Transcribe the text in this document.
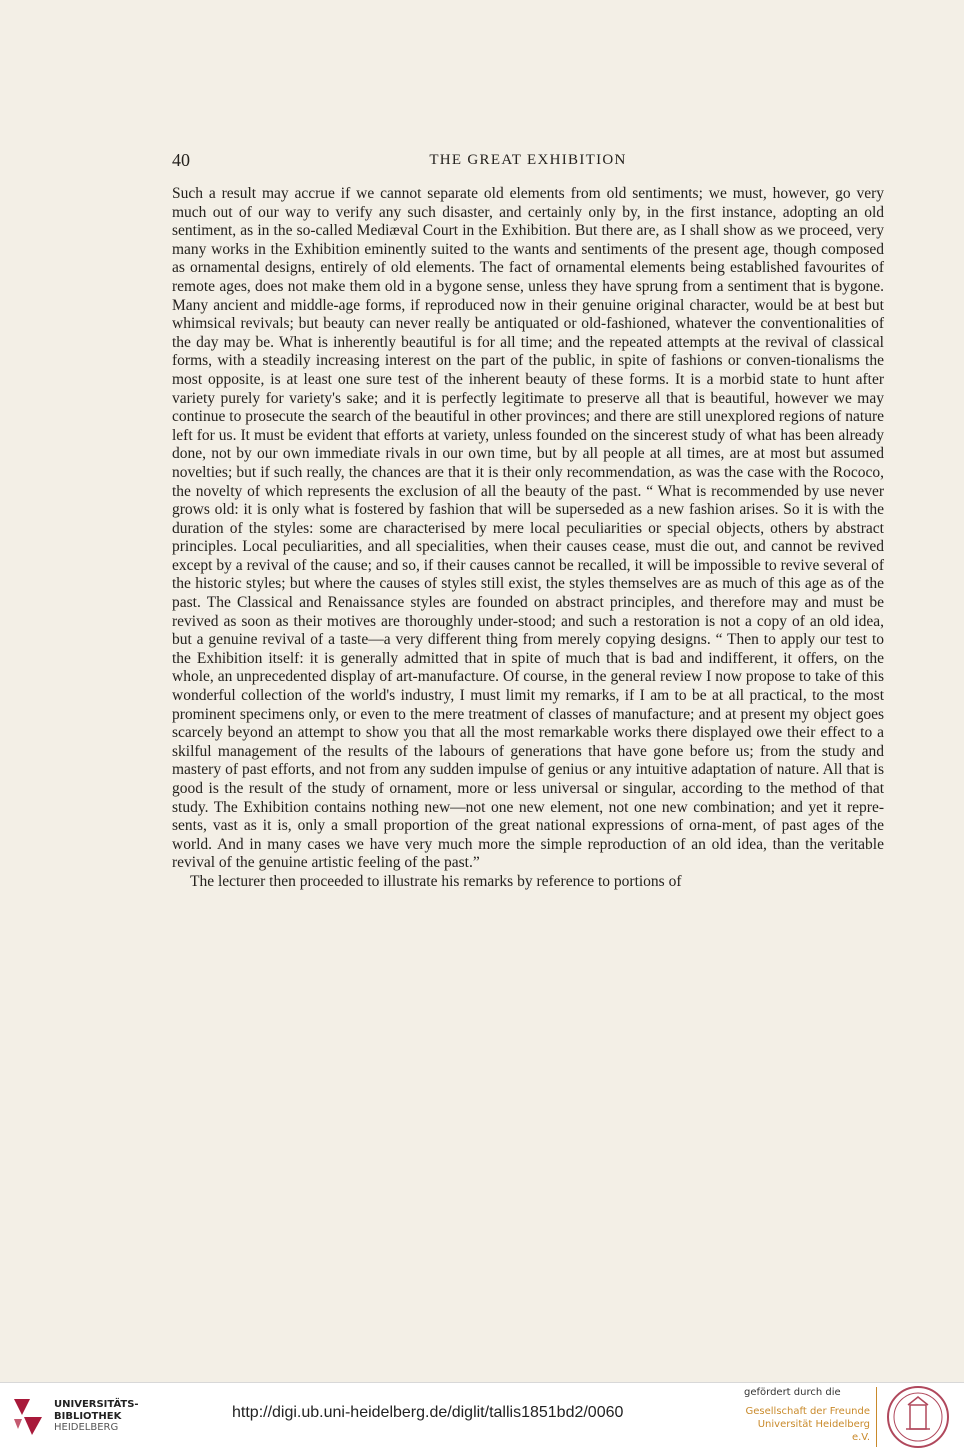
40	THE GREAT EXHIBITION

Such a result may accrue if we cannot separate old elements from old sentiments; we must, however, go very much out of our way to verify any such disaster, and certainly only by, in the first instance, adopting an old sentiment, as in the so-called Mediæval Court in the Exhibition. But there are, as I shall show as we proceed, very many works in the Exhibition eminently suited to the wants and sentiments of the present age, though composed as ornamental designs, entirely of old elements. The fact of ornamental elements being established favourites of remote ages, does not make them old in a bygone sense, unless they have sprung from a sentiment that is bygone. Many ancient and middle-age forms, if reproduced now in their genuine original character, would be at best but whimsical revivals; but beauty can never really be antiquated or old-fashioned, whatever the conventionalities of the day may be. What is inherently beautiful is for all time; and the repeated attempts at the revival of classical forms, with a steadily increasing interest on the part of the public, in spite of fashions or conven-tionalisms the most opposite, is at least one sure test of the inherent beauty of these forms. It is a morbid state to hunt after variety purely for variety's sake; and it is perfectly legitimate to preserve all that is beautiful, however we may continue to prosecute the search of the beautiful in other provinces; and there are still unexplored regions of nature left for us. It must be evident that efforts at variety, unless founded on the sincerest study of what has been already done, not by our own immediate rivals in our own time, but by all people at all times, are at most but assumed novelties; but if such really, the chances are that it is their only recommendation, as was the case with the Rococo, the novelty of which represents the exclusion of all the beauty of the past. “ What is recommended by use never grows old: it is only what is fostered by fashion that will be superseded as a new fashion arises. So it is with the duration of the styles: some are characterised by mere local peculiarities or special objects, others by abstract principles. Local peculiarities, and all specialities, when their causes cease, must die out, and cannot be revived except by a revival of the cause; and so, if their causes cannot be recalled, it will be impossible to revive several of the historic styles; but where the causes of styles still exist, the styles themselves are as much of this age as of the past. The Classical and Renaissance styles are founded on abstract principles, and therefore may and must be revived as soon as their motives are thoroughly under-stood; and such a restoration is not a copy of an old idea, but a genuine revival of a taste—a very different thing from merely copying designs. “ Then to apply our test to the Exhibition itself: it is generally admitted that in spite of much that is bad and indifferent, it offers, on the whole, an unprecedented display of art-manufacture. Of course, in the general review I now propose to take of this wonderful collection of the world's industry, I must limit my remarks, if I am to be at all practical, to the most prominent specimens only, or even to the mere treatment of classes of manufacture; and at present my object goes scarcely beyond an attempt to show you that all the most remarkable works there displayed owe their effect to a skilful management of the results of the labours of generations that have gone before us; from the study and mastery of past efforts, and not from any sudden impulse of genius or any intuitive adaptation of nature. All that is good is the result of the study of ornament, more or less universal or singular, according to the method of that study. The Exhibition contains nothing new—not one new element, not one new combination; and yet it repre-sents, vast as it is, only a small proportion of the great national expressions of orna-ment, of past ages of the world. And in many cases we have very much more the simple reproduction of an old idea, than the veritable revival of the genuine artistic feeling of the past.”

The lecturer then proceeded to illustrate his remarks by reference to portions of

UNIVERSITÄTS-
BIBLIOTHEK
HEIDELBERG
http://digi.ub.uni-heidelberg.de/diglit/tallis1851bd2/0060
gefördert durch die
Gesellschaft der Freunde
Universität Heidelberg e.V.
